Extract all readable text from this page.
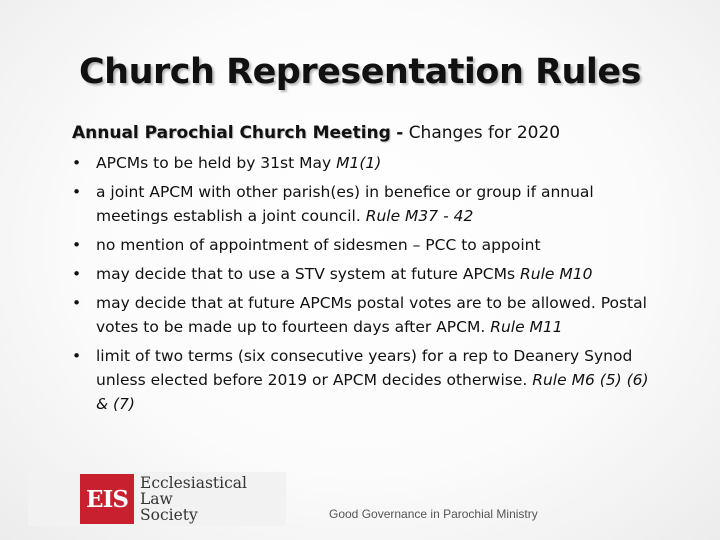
Church Representation Rules
Annual Parochial Church Meeting - Changes for 2020
• APCMs to be held by 31st May M1(1)
• a joint APCM with other parish(es) in benefice or group if annual meetings establish a joint council. Rule M37 - 42
• no mention of appointment of sidesmen – PCC to appoint
• may decide that to use a STV system at future APCMs Rule M10
• may decide that at future APCMs postal votes are to be allowed. Postal votes to be made up to fourteen days after APCM. Rule M11
• limit of two terms (six consecutive years) for a rep to Deanery Synod unless elected before 2019 or APCM decides otherwise. Rule M6 (5) (6) & (7)
EIS
Ecclesiastical
Law
Society	Good Governance in Parochial Ministry
